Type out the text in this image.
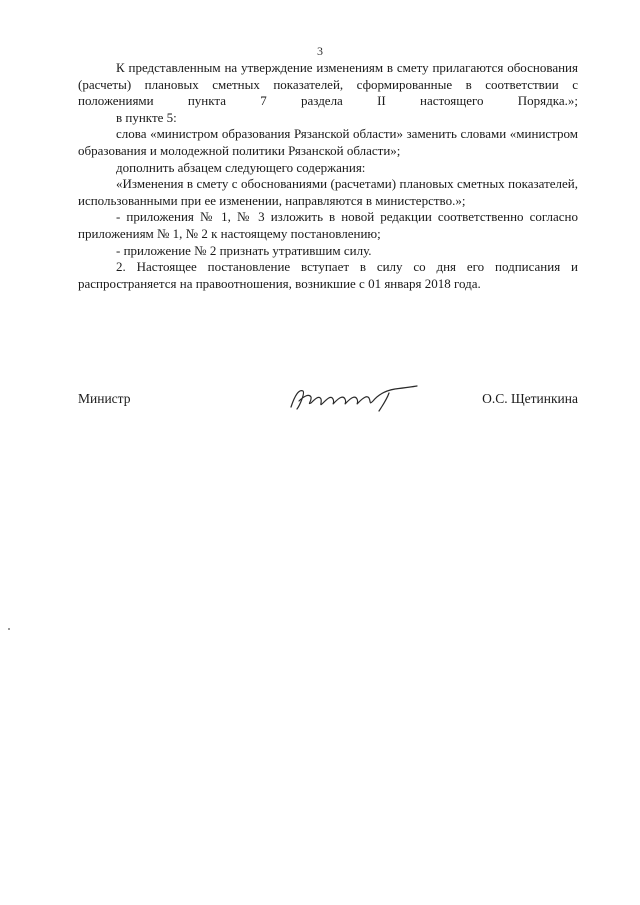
3

К представленным на утверждение изменениям в смету прилагаются обоснования (расчеты) плановых сметных показателей, сформированные в соответствии с положениями пункта 7 раздела II настоящего Порядка.»;

в пункте 5:

слова «министром образования Рязанской области» заменить словами «министром образования и молодежной политики Рязанской области»;

дополнить абзацем следующего содержания:

«Изменения в смету с обоснованиями (расчетами) плановых сметных показателей, использованными при ее изменении, направляются в министерство.»;

- приложения № 1, № 3 изложить в новой редакции соответственно согласно приложениям № 1, № 2 к настоящему постановлению;

- приложение № 2 признать утратившим силу.

2. Настоящее постановление вступает в силу со дня его подписания и распространяется на правоотношения, возникшие с 01 января 2018 года.

Министр	О.С. Щетинкина
